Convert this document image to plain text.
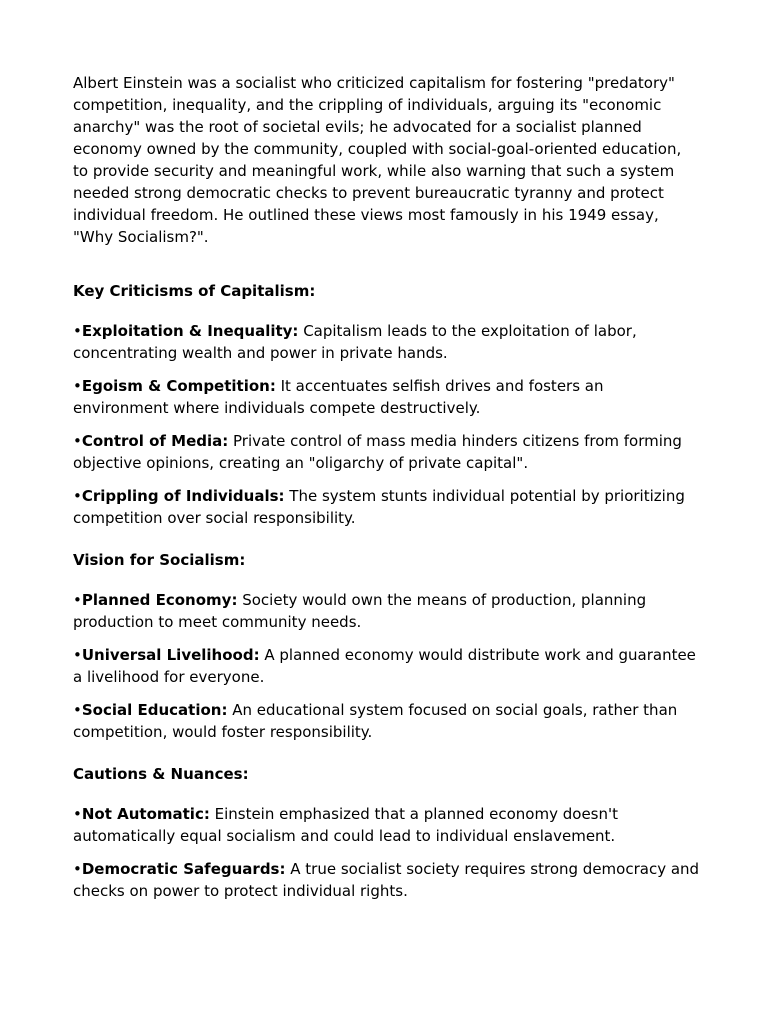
Albert Einstein was a socialist who criticized capitalism for fostering "predatory" competition, inequality, and the crippling of individuals, arguing its "economic anarchy" was the root of societal evils; he advocated for a socialist planned economy owned by the community, coupled with social-goal-oriented education, to provide security and meaningful work, while also warning that such a system needed strong democratic checks to prevent bureaucratic tyranny and protect individual freedom. He outlined these views most famously in his 1949 essay, "Why Socialism?".

Key Criticisms of Capitalism:

•Exploitation & Inequality: Capitalism leads to the exploitation of labor, concentrating wealth and power in private hands.

•Egoism & Competition: It accentuates selfish drives and fosters an environment where individuals compete destructively.

•Control of Media: Private control of mass media hinders citizens from forming objective opinions, creating an "oligarchy of private capital".

•Crippling of Individuals: The system stunts individual potential by prioritizing competition over social responsibility.

Vision for Socialism:

•Planned Economy: Society would own the means of production, planning production to meet community needs.

•Universal Livelihood: A planned economy would distribute work and guarantee a livelihood for everyone.

•Social Education: An educational system focused on social goals, rather than competition, would foster responsibility.

Cautions & Nuances:

•Not Automatic: Einstein emphasized that a planned economy doesn't automatically equal socialism and could lead to individual enslavement.

•Democratic Safeguards: A true socialist society requires strong democracy and checks on power to protect individual rights.
